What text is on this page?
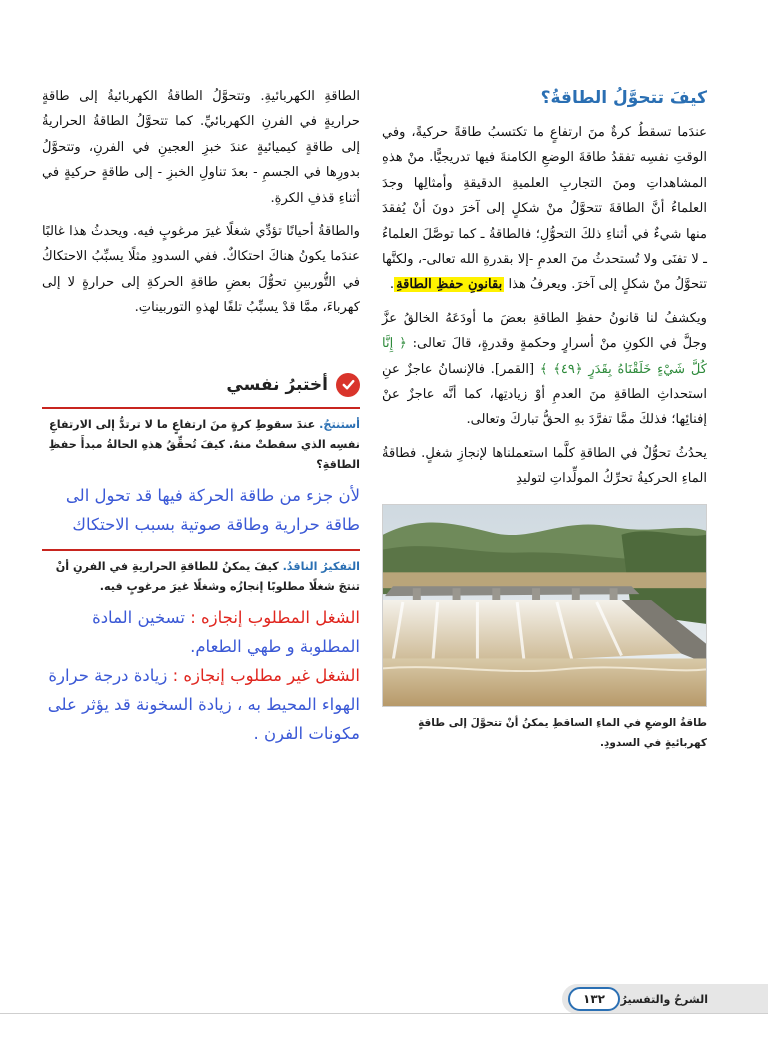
كيفَ تتحوَّلُ الطاقةُ؟

عندَما تسقطُ كرةٌ منَ ارتفاعٍ ما تكتسبُ طاقةً حركيةً، وفي الوقتِ نفسِه تفقدُ طاقةَ الوضعِ الكامنةَ فيها تدريجيًّا. منْ هذهِ المشاهداتِ ومنَ التجاربِ العلميةِ الدقيقةِ وأمثالِها وجدَ العلماءُ أنَّ الطاقةَ تتحوَّلُ منْ شكلٍ إلى آخرَ دونَ أنْ يُفقدَ منها شيءٌ في أثناءِ ذلكَ التحوُّلِ؛ فالطاقةُ ـ كما توصَّلَ العلماءُ ـ لا تفنَى ولا تُستحدثُ منَ العدمِ -إلا بقدرةِ الله تعالى-، ولكنَّها تتحوَّلُ منْ شكلٍ إلى آخرَ. ويعرفُ هذا بقانونِ حفظِ الطاقةِ.

ويكشفُ لنا قانونُ حفظِ الطاقةِ بعضَ ما أودَعَهُ الخالقُ عزَّ وجلَّ في الكونِ منْ أسرارٍ وحكمةٍ وقدرةٍ، قالَ تعالى: ﴿ إِنَّا كُلَّ شَيْءٍ خَلَقْنَاهُ بِقَدَرٍ ﴿٤٩﴾ ﴾ [القمر]. فالإنسانُ عاجزٌ عنِ استحداثِ الطاقةِ منَ العدمِ أوْ زيادتِها، كما أنَّه عاجزٌ عنْ إفنائِها؛ فذلكَ ممَّا تفرَّدَ بهِ الحقُّ تباركَ وتعالى.

يحدُثُ تحوُّلٌ في الطاقةِ كلَّما استعملناها لإنجازِ شغلٍ. فطاقةُ الماءِ الحركيةُ تحرِّكُ المولِّداتِ لتوليدِ

طاقةُ الوضعِ في الماءِ الساقطِ يمكنُ أنْ تتحوَّلَ إلى طاقةٍ كهربائيةٍ في السدودِ.

الطاقةِ الكهربائيةِ. وتتحوَّلُ الطاقةُ الكهربائيةُ إلى طاقةٍ حراريةٍ في الفرنِ الكهربائيِّ. كما تتحوَّلُ الطاقةُ الحراريةُ إلى طاقةٍ كيميائيةٍ عندَ خبزِ العجينِ في الفرنِ، وتتحوَّلُ بدورِها في الجسمِ - بعدَ تناولِ الخبزِ - إلى طاقةٍ حركيةٍ في أثناءِ قذفِ الكرةِ.

والطاقةُ أحيانًا تؤدِّي شغلًا غيرَ مرغوبٍ فيه. ويحدثُ هذا غالبًا عندَما يكونُ هناكَ احتكاكٌ. ففي السدودِ مثلًا يسبِّبُ الاحتكاكُ في التُّوربينِ تحوُّلَ بعضِ طاقةِ الحركةِ إلى حرارةٍ لا إلى كهرباءَ، ممَّا قدْ يسبِّبُ تلفًا لهذهِ التوربيناتِ.

أختبرُ نفسي

أستنتجُ. عندَ سقوطِ كرةٍ منَ ارتفاعٍ ما لا ترتدُّ إلى الارتفاعِ نفسِه الذي سقطتْ منهُ. كيفَ تُحقِّقُ هذهِ الحالةُ مبدأَ حفظِ الطاقةِ؟

لأن جزء من طاقة الحركة فيها قد تحول الى طاقة حرارية وطاقة صوتية بسبب الاحتكاك

التفكيرُ الناقدُ. كيفَ يمكنُ للطاقةِ الحراريةِ في الفرنِ أنْ تنتجَ شغلًا مطلوبًا إنجازُه وشغلًا غيرَ مرغوبٍ فيه.

الشغل المطلوب إنجازه : تسخين المادة المطلوبة و طهي الطعام.
الشغل غير مطلوب إنجازه : زيادة درجة حرارة الهواء المحيط به ، زيادة السخونة قد يؤثر على مكونات الفرن .

الشرحُ والتفسيرُ
١٣٢
